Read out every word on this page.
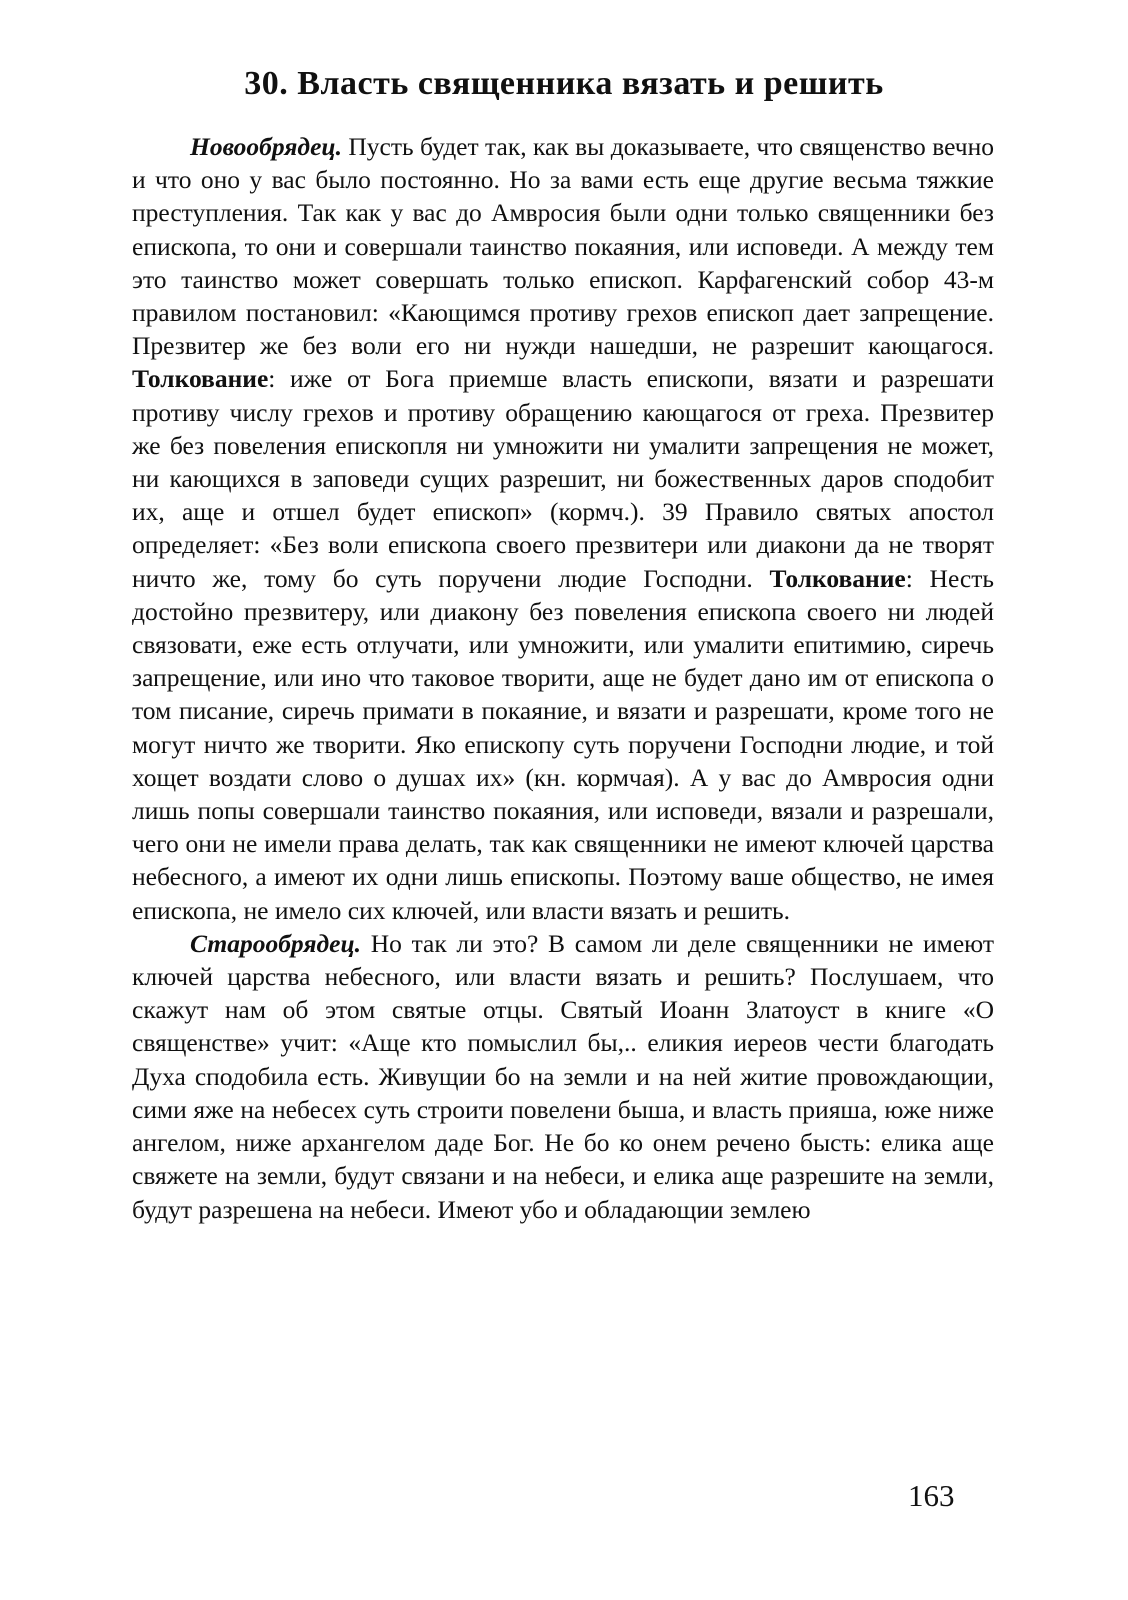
30. Власть священника вязать и решить

Новообрядец. Пусть будет так, как вы доказываете, что священство вечно и что оно у вас было постоянно. Но за вами есть еще другие весьма тяжкие преступления. Так как у вас до Амвросия были одни только священники без епископа, то они и совершали таинство покаяния, или исповеди. А между тем это таинство может совершать только епископ. Карфагенский собор 43-м правилом постановил: «Кающимся противу грехов епископ дает запрещение. Презвитер же без воли его ни нужди нашедши, не разрешит кающагося. Толкование: иже от Бога приемше власть епископи, вязати и разрешати противу числу грехов и противу обращению кающагося от греха. Презвитер же без повеления епископля ни умножити ни умалити запрещения не может, ни кающихся в заповеди сущих разрешит, ни божественных даров сподобит их, аще и отшел будет епископ» (кормч.). 39 Правило святых апостол определяет: «Без воли епископа своего презвитери или диакони да не творят ничто же, тому бо суть поручени людие Господни. Толкование: Несть достойно презвитеру, или диакону без повеления епископа своего ни людей связовати, еже есть отлучати, или умножити, или умалити епитимию, сиречь запрещение, или ино что таковое творити, аще не будет дано им от епископа о том писание, сиречь примати в покаяние, и вязати и разрешати, кроме того не могут ничто же творити. Яко епископу суть поручени Господни людие, и той хощет воздати слово о душах их» (кн. кормчая). А у вас до Амвросия одни лишь попы совершали таинство покаяния, или исповеди, вязали и разрешали, чего они не имели права делать, так как священники не имеют ключей царства небесного, а имеют их одни лишь епископы. Поэтому ваше общество, не имея епископа, не имело сих ключей, или власти вязать и решить.

Старообрядец. Но так ли это? В самом ли деле священники не имеют ключей царства небесного, или власти вязать и решить? Послушаем, что скажут нам об этом святые отцы. Святый Иоанн Златоуст в книге «О священстве» учит: «Аще кто помыслил бы,.. еликия иереов чести благодать Духа сподобила есть. Живущии бо на земли и на ней житие провождающии, сими яже на небесех суть строити повелени быша, и власть прияша, юже ниже ангелом, ниже архангелом даде Бог. Не бо ко онем речено бысть: елика аще свяжете на земли, будут связани и на небеси, и елика аще разрешите на земли, будут разрешена на небеси. Имеют убо и обладающии землею

163
